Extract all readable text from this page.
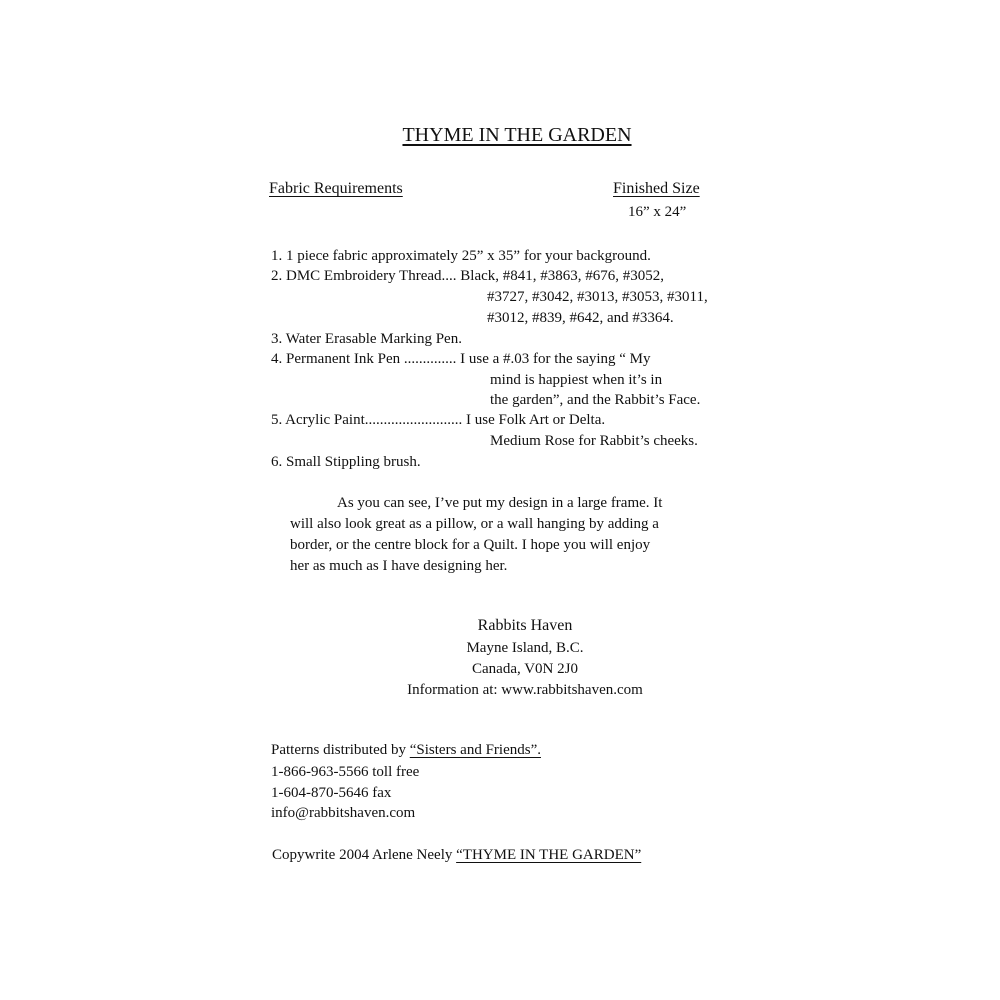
THYME IN THE GARDEN
Fabric Requirements	Finished Size
16” x 24”
1. 1 piece fabric approximately 25” x 35” for your background.
2. DMC Embroidery Thread.... Black, #841, #3863, #676, #3052,
#3727, #3042, #3013, #3053, #3011,
#3012, #839, #642, and #3364.
3. Water Erasable Marking Pen.
4. Permanent Ink Pen .............. I use a #.03 for the saying “ My
mind is happiest when it’s in
the garden”, and the Rabbit’s Face.
5. Acrylic Paint.......................... I use Folk Art or Delta.
Medium Rose for Rabbit’s cheeks.
6. Small Stippling brush.
As you can see, I’ve put my design in a large frame. It
will also look great as a pillow, or a wall hanging by adding a
border, or the centre block for a Quilt. I hope you will enjoy
her as much as I have designing her.
Rabbits Haven
Mayne Island, B.C.
Canada, V0N 2J0
Information at: www.rabbitshaven.com
Patterns distributed by “Sisters and Friends”.
1-866-963-5566 toll free
1-604-870-5646 fax
info@rabbitshaven.com
Copywrite 2004 Arlene Neely “THYME IN THE GARDEN”
